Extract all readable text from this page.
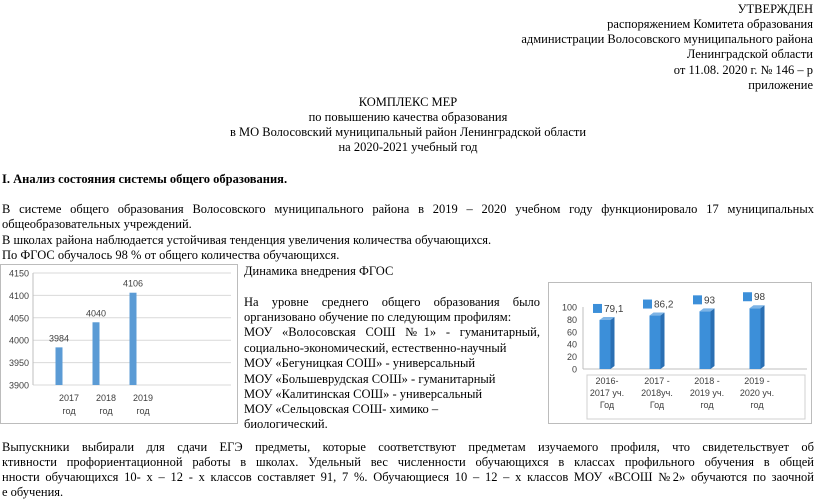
УТВЕРЖДЕН
распоряжением Комитета образования
администрации Волосовского муниципального района
Ленинградской области
от 11.08. 2020 г. № 146 – р
приложение
КОМПЛЕКС МЕР
по повышению качества образования
в МО Волосовский муниципальный район Ленинградской области
на 2020-2021 учебный год
I. Анализ состояния системы общего образования.
В системе общего образования Волосовского муниципального района в 2019 – 2020 учебном году функционировало 17 муниципальных
общеобразовательных учреждений.
В школах района наблюдается устойчивая тенденция увеличения количества обучающихся.
По ФГОС обучалось 98 % от общего количества обучающихся.
Динамика внедрения ФГОС
На уровне среднего общего образования было
организовано обучение по следующим профилям:
МОУ «Волосовская СОШ №1» - гуманитарный,
социально-экономический, естественно-научный
МОУ «Бегуницкая СОШ» - универсальный
МОУ «Большеврудская СОШ» - гуманитарный
МОУ «Калитинская СОШ» - универсальный
МОУ «Сельцовская СОШ- химико –
биологический.
Выпускники выбирали для сдачи ЕГЭ предметы, которые соответствуют предметам изучаемого профиля, что свидетельствует об
ктивности профориентационной работы в школах. Удельный вес численности обучающихся в классах профильного обучения в общей
нности обучающихся 10- х – 12 - х классов составляет 91, 7 %. Обучающиеся 10 – 12 – х классов МОУ «ВСОШ №2» обучаются по заочной
е обучения.
3900
3950
4000
4050
4100
4150
3984
2017
год
4040
2018
год
4106
2019
год
0
20
40
60
80
100	79,1
2016-
2017 уч.
Год
86,2
2017 -
2018уч.
Год
93
2018 -
2019 уч.
год
98
2019 -
2020 уч.
год
